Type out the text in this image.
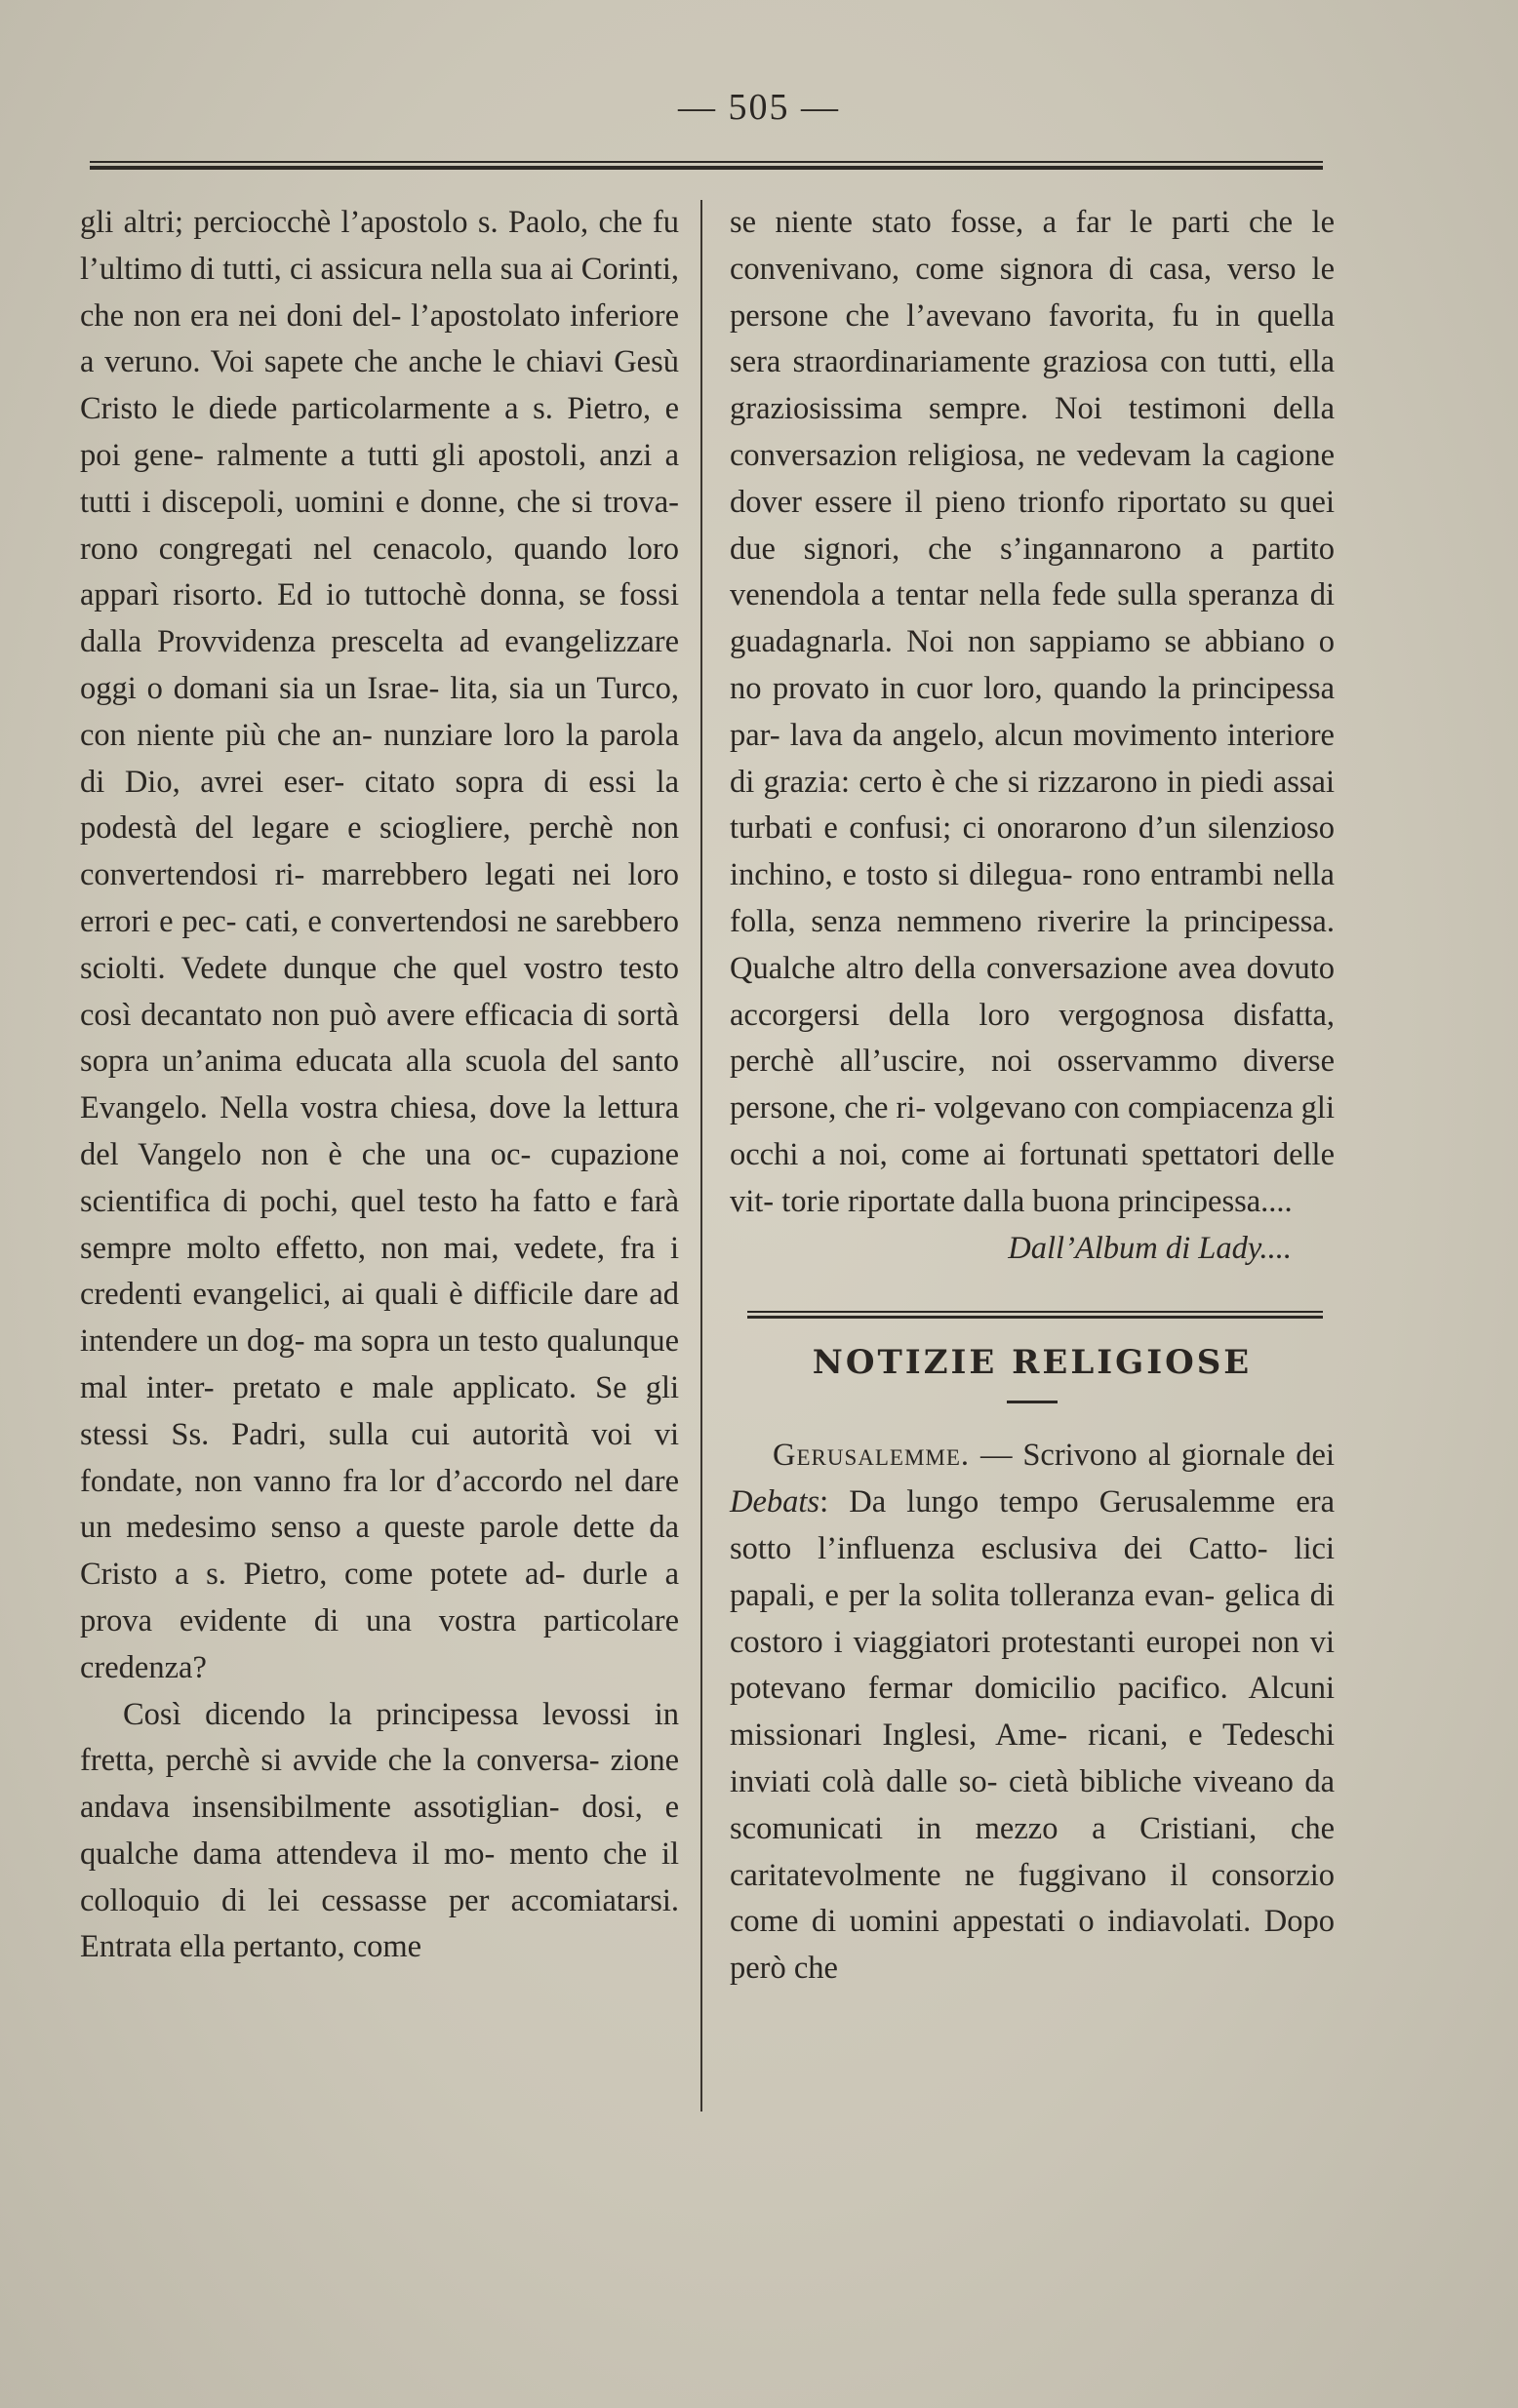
— 505 —

gli altri; perciocchè l’apostolo s. Paolo, che fu l’ultimo di tutti, ci assicura nella sua ai Corinti, che non era nei doni del- l’apostolato inferiore a veruno. Voi sapete che anche le chiavi Gesù Cristo le diede particolarmente a s. Pietro, e poi gene- ralmente a tutti gli apostoli, anzi a tutti i discepoli, uomini e donne, che si trova- rono congregati nel cenacolo, quando loro apparì risorto. Ed io tuttochè donna, se fossi dalla Provvidenza prescelta ad evangelizzare oggi o domani sia un Israe- lita, sia un Turco, con niente più che an- nunziare loro la parola di Dio, avrei eser- citato sopra di essi la podestà del legare e sciogliere, perchè non convertendosi ri- marrebbero legati nei loro errori e pec- cati, e convertendosi ne sarebbero sciolti. Vedete dunque che quel vostro testo così decantato non può avere efficacia di sortà sopra un’anima educata alla scuola del santo Evangelo. Nella vostra chiesa, dove la lettura del Vangelo non è che una oc- cupazione scientifica di pochi, quel testo ha fatto e farà sempre molto effetto, non mai, vedete, fra i credenti evangelici, ai quali è difficile dare ad intendere un dog- ma sopra un testo qualunque mal inter- pretato e male applicato. Se gli stessi Ss. Padri, sulla cui autorità voi vi fondate, non vanno fra lor d’accordo nel dare un medesimo senso a queste parole dette da Cristo a s. Pietro, come potete ad- durle a prova evidente di una vostra particolare credenza?

Così dicendo la principessa levossi in fretta, perchè si avvide che la conversa- zione andava insensibilmente assotiglian- dosi, e qualche dama attendeva il mo- mento che il colloquio di lei cessasse per accomiatarsi. Entrata ella pertanto, come

se niente stato fosse, a far le parti che le convenivano, come signora di casa, verso le persone che l’avevano favorita, fu in quella sera straordinariamente graziosa con tutti, ella graziosissima sempre. Noi testimoni della conversazion religiosa, ne vedevam la cagione dover essere il pieno trionfo riportato su quei due signori, che s’ingannarono a partito venendola a tentar nella fede sulla speranza di guadagnarla. Noi non sappiamo se abbiano o no provato in cuor loro, quando la principessa par- lava da angelo, alcun movimento interiore di grazia: certo è che si rizzarono in piedi assai turbati e confusi; ci onorarono d’un silenzioso inchino, e tosto si dilegua- rono entrambi nella folla, senza nemmeno riverire la principessa. Qualche altro della conversazione avea dovuto accorgersi della loro vergognosa disfatta, perchè all’uscire, noi osservammo diverse persone, che ri- volgevano con compiacenza gli occhi a noi, come ai fortunati spettatori delle vit- torie riportate dalla buona principessa....

Dall’Album di Lady....

NOTIZIE RELIGIOSE

Gerusalemme. — Scrivono al giornale dei Debats: Da lungo tempo Gerusalemme era sotto l’influenza esclusiva dei Catto- lici papali, e per la solita tolleranza evan- gelica di costoro i viaggiatori protestanti europei non vi potevano fermar domicilio pacifico. Alcuni missionari Inglesi, Ame- ricani, e Tedeschi inviati colà dalle so- cietà bibliche viveano da scomunicati in mezzo a Cristiani, che caritatevolmente ne fuggivano il consorzio come di uomini appestati o indiavolati. Dopo però che
